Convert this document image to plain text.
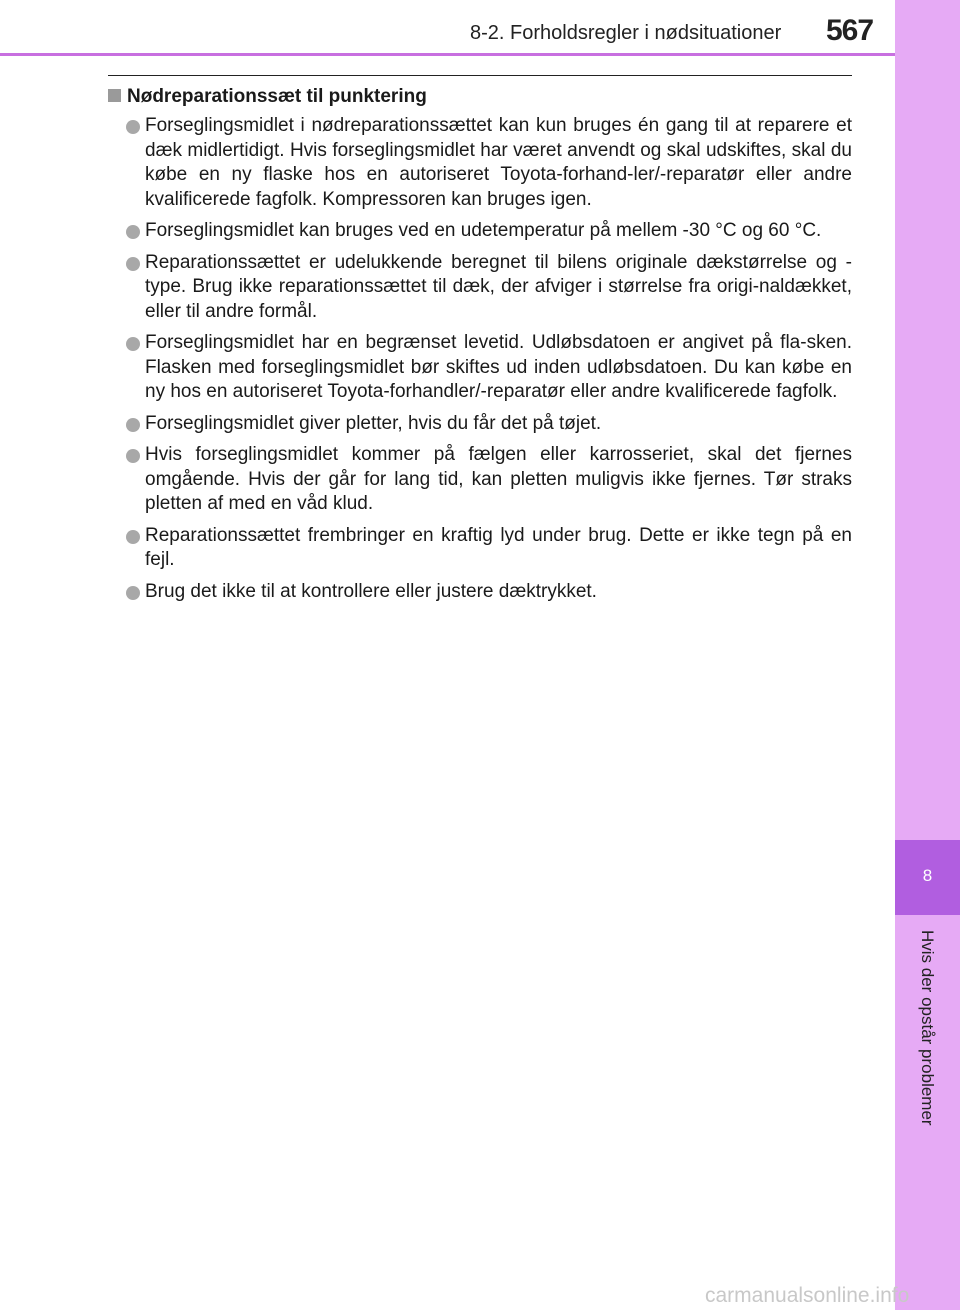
8
Hvis der opstår problemer
8-2. Forholdsregler i nødsituationer 567
Nødreparationssæt til punktering
Forseglingsmidlet i nødreparationssættet kan kun bruges én gang til at reparere et dæk midlertidigt. Hvis forseglingsmidlet har været anvendt og skal udskiftes, skal du købe en ny flaske hos en autoriseret Toyota-forhand-ler/-reparatør eller andre kvalificerede fagfolk. Kompressoren kan bruges igen.
Forseglingsmidlet kan bruges ved en udetemperatur på mellem -30 °C og 60 °C.
Reparationssættet er udelukkende beregnet til bilens originale dækstørrelse og -type. Brug ikke reparationssættet til dæk, der afviger i størrelse fra origi-naldækket, eller til andre formål.
Forseglingsmidlet har en begrænset levetid. Udløbsdatoen er angivet på fla-sken. Flasken med forseglingsmidlet bør skiftes ud inden udløbsdatoen. Du kan købe en ny hos en autoriseret Toyota-forhandler/-reparatør eller andre kvalificerede fagfolk.
Forseglingsmidlet giver pletter, hvis du får det på tøjet.
Hvis forseglingsmidlet kommer på fælgen eller karrosseriet, skal det fjernes omgående. Hvis der går for lang tid, kan pletten muligvis ikke fjernes. Tør straks pletten af med en våd klud.
Reparationssættet frembringer en kraftig lyd under brug. Dette er ikke tegn på en fejl.
Brug det ikke til at kontrollere eller justere dæktrykket.
carmanualsonline.info
